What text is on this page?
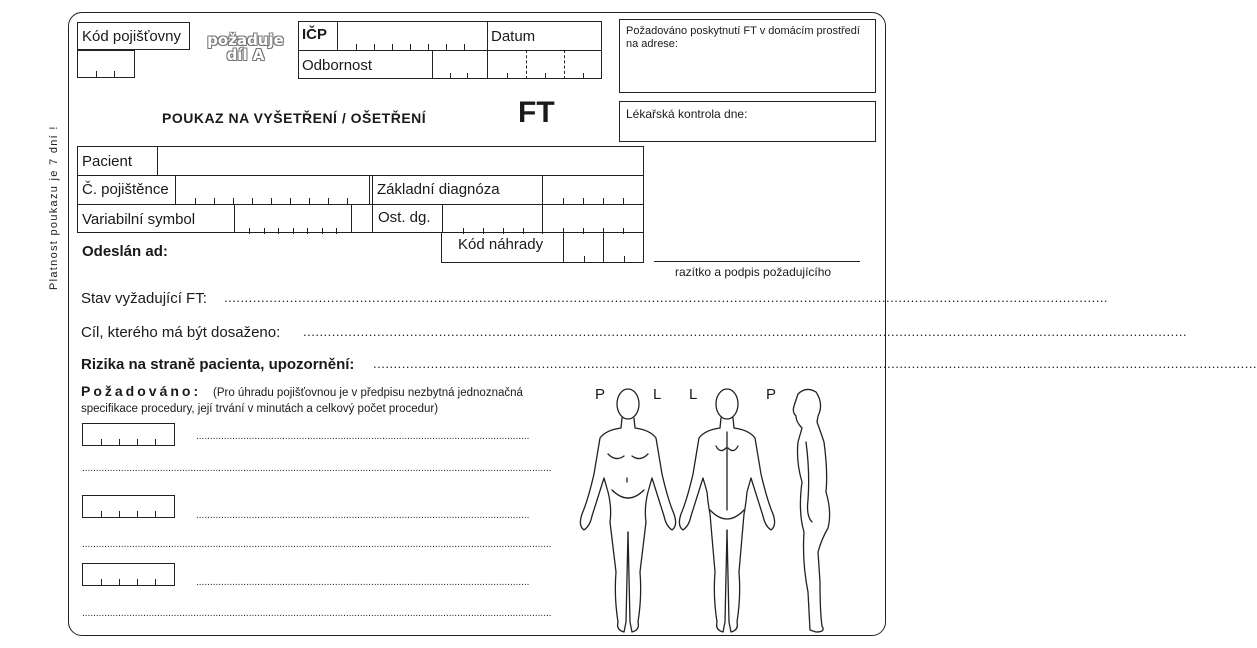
Platnost poukazu je 7 dní !
Kód pojišťovny	požaduje
díl A
IČP
Odbornost
Datum	Požadováno poskytnutí FT v domácím prostředí na adrese:
Lékařská kontrola dne:
POUKAZ NA VYŠETŘENÍ / OŠETŘENÍ	FT
Pacient
Č. pojištěnce	Základní diagnóza
Variabilní symbol	Ost. dg.
Kód náhrady
Odeslán ad:
razítko a podpis požadujícího
Stav vyžadující FT: .......................................................................................................................................................................................................................
Cíl, kterého má být dosaženo: .......................................................................................................................................................................................................................
Rizika na straně pacienta, upozornění: .......................................................................................................................................................................................................................
Požadováno: (Pro úhradu pojišťovnou je v předpisu nezbytná jednoznačná
specifikace procedury, její trvání v minutách a celkový počet procedur)
........................................................................................................................
.........................................................................................................................................................................
........................................................................................................................
.........................................................................................................................................................................
........................................................................................................................
.........................................................................................................................................................................
P	L L	P
